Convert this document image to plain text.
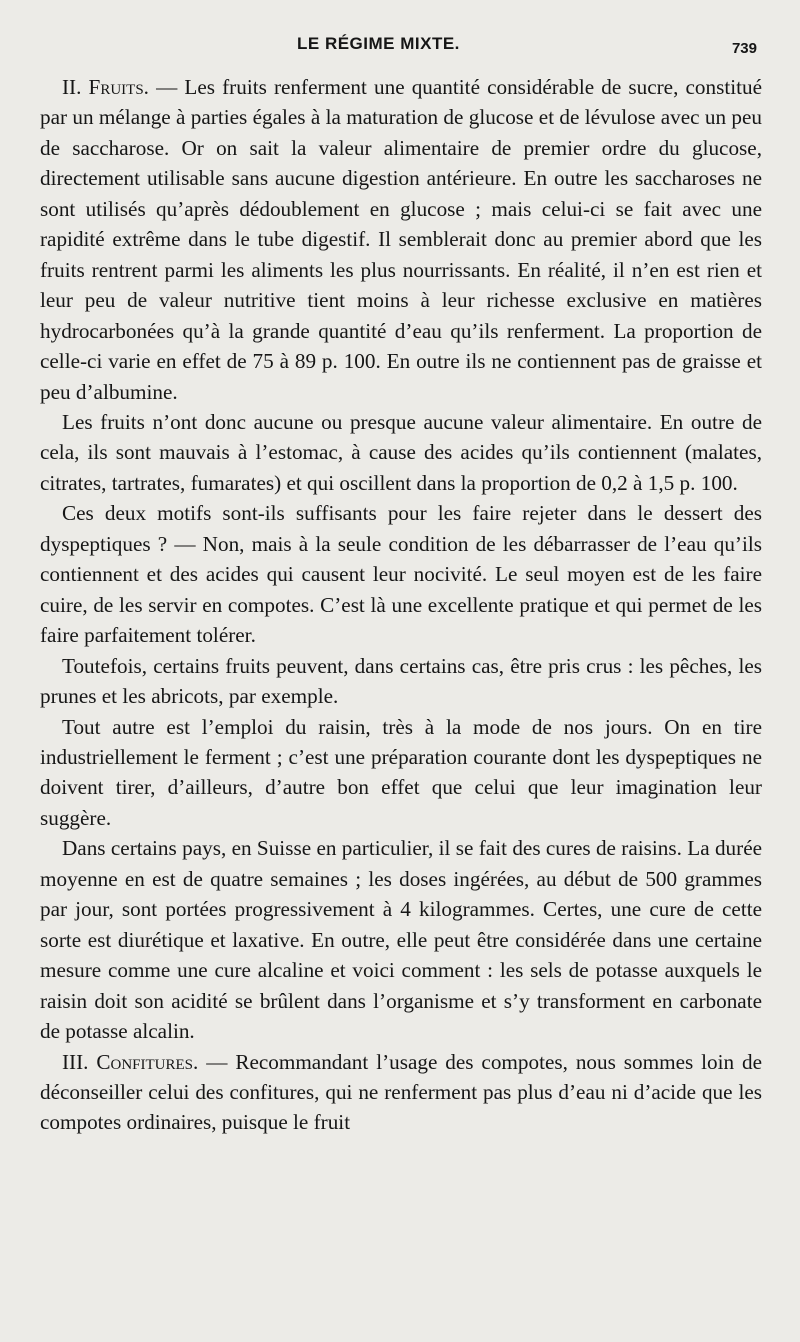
LE RÉGIME MIXTE.	739

II. Fruits. — Les fruits renferment une quantité considérable de sucre, constitué par un mélange à parties égales à la maturation de glucose et de lévulose avec un peu de saccharose. Or on sait la valeur alimentaire de premier ordre du glucose, directement utilisable sans aucune digestion antérieure. En outre les saccharoses ne sont utilisés qu’après dédoublement en glucose ; mais celui-ci se fait avec une rapidité extrême dans le tube digestif. Il semblerait donc au premier abord que les fruits rentrent parmi les aliments les plus nourrissants. En réalité, il n’en est rien et leur peu de valeur nutritive tient moins à leur richesse exclusive en matières hydrocarbonées qu’à la grande quantité d’eau qu’ils renferment. La proportion de celle-ci varie en effet de 75 à 89 p. 100. En outre ils ne contiennent pas de graisse et peu d’albumine.

Les fruits n’ont donc aucune ou presque aucune valeur alimentaire. En outre de cela, ils sont mauvais à l’estomac, à cause des acides qu’ils contiennent (malates, citrates, tartrates, fumarates) et qui oscillent dans la proportion de 0,2 à 1,5 p. 100.

Ces deux motifs sont-ils suffisants pour les faire rejeter dans le dessert des dyspeptiques ? — Non, mais à la seule condition de les débarrasser de l’eau qu’ils contiennent et des acides qui causent leur nocivité. Le seul moyen est de les faire cuire, de les servir en compotes. C’est là une excellente pratique et qui permet de les faire parfaitement tolérer.

Toutefois, certains fruits peuvent, dans certains cas, être pris crus : les pêches, les prunes et les abricots, par exemple.

Tout autre est l’emploi du raisin, très à la mode de nos jours. On en tire industriellement le ferment ; c’est une préparation courante dont les dyspeptiques ne doivent tirer, d’ailleurs, d’autre bon effet que celui que leur imagination leur suggère.

Dans certains pays, en Suisse en particulier, il se fait des cures de raisins. La durée moyenne en est de quatre semaines ; les doses ingérées, au début de 500 grammes par jour, sont portées progressivement à 4 kilogrammes. Certes, une cure de cette sorte est diurétique et laxative. En outre, elle peut être considérée dans une certaine mesure comme une cure alcaline et voici comment : les sels de potasse auxquels le raisin doit son acidité se brûlent dans l’organisme et s’y transforment en carbonate de potasse alcalin.

III. Confitures. — Recommandant l’usage des compotes, nous sommes loin de déconseiller celui des confitures, qui ne renferment pas plus d’eau ni d’acide que les compotes ordinaires, puisque le fruit
